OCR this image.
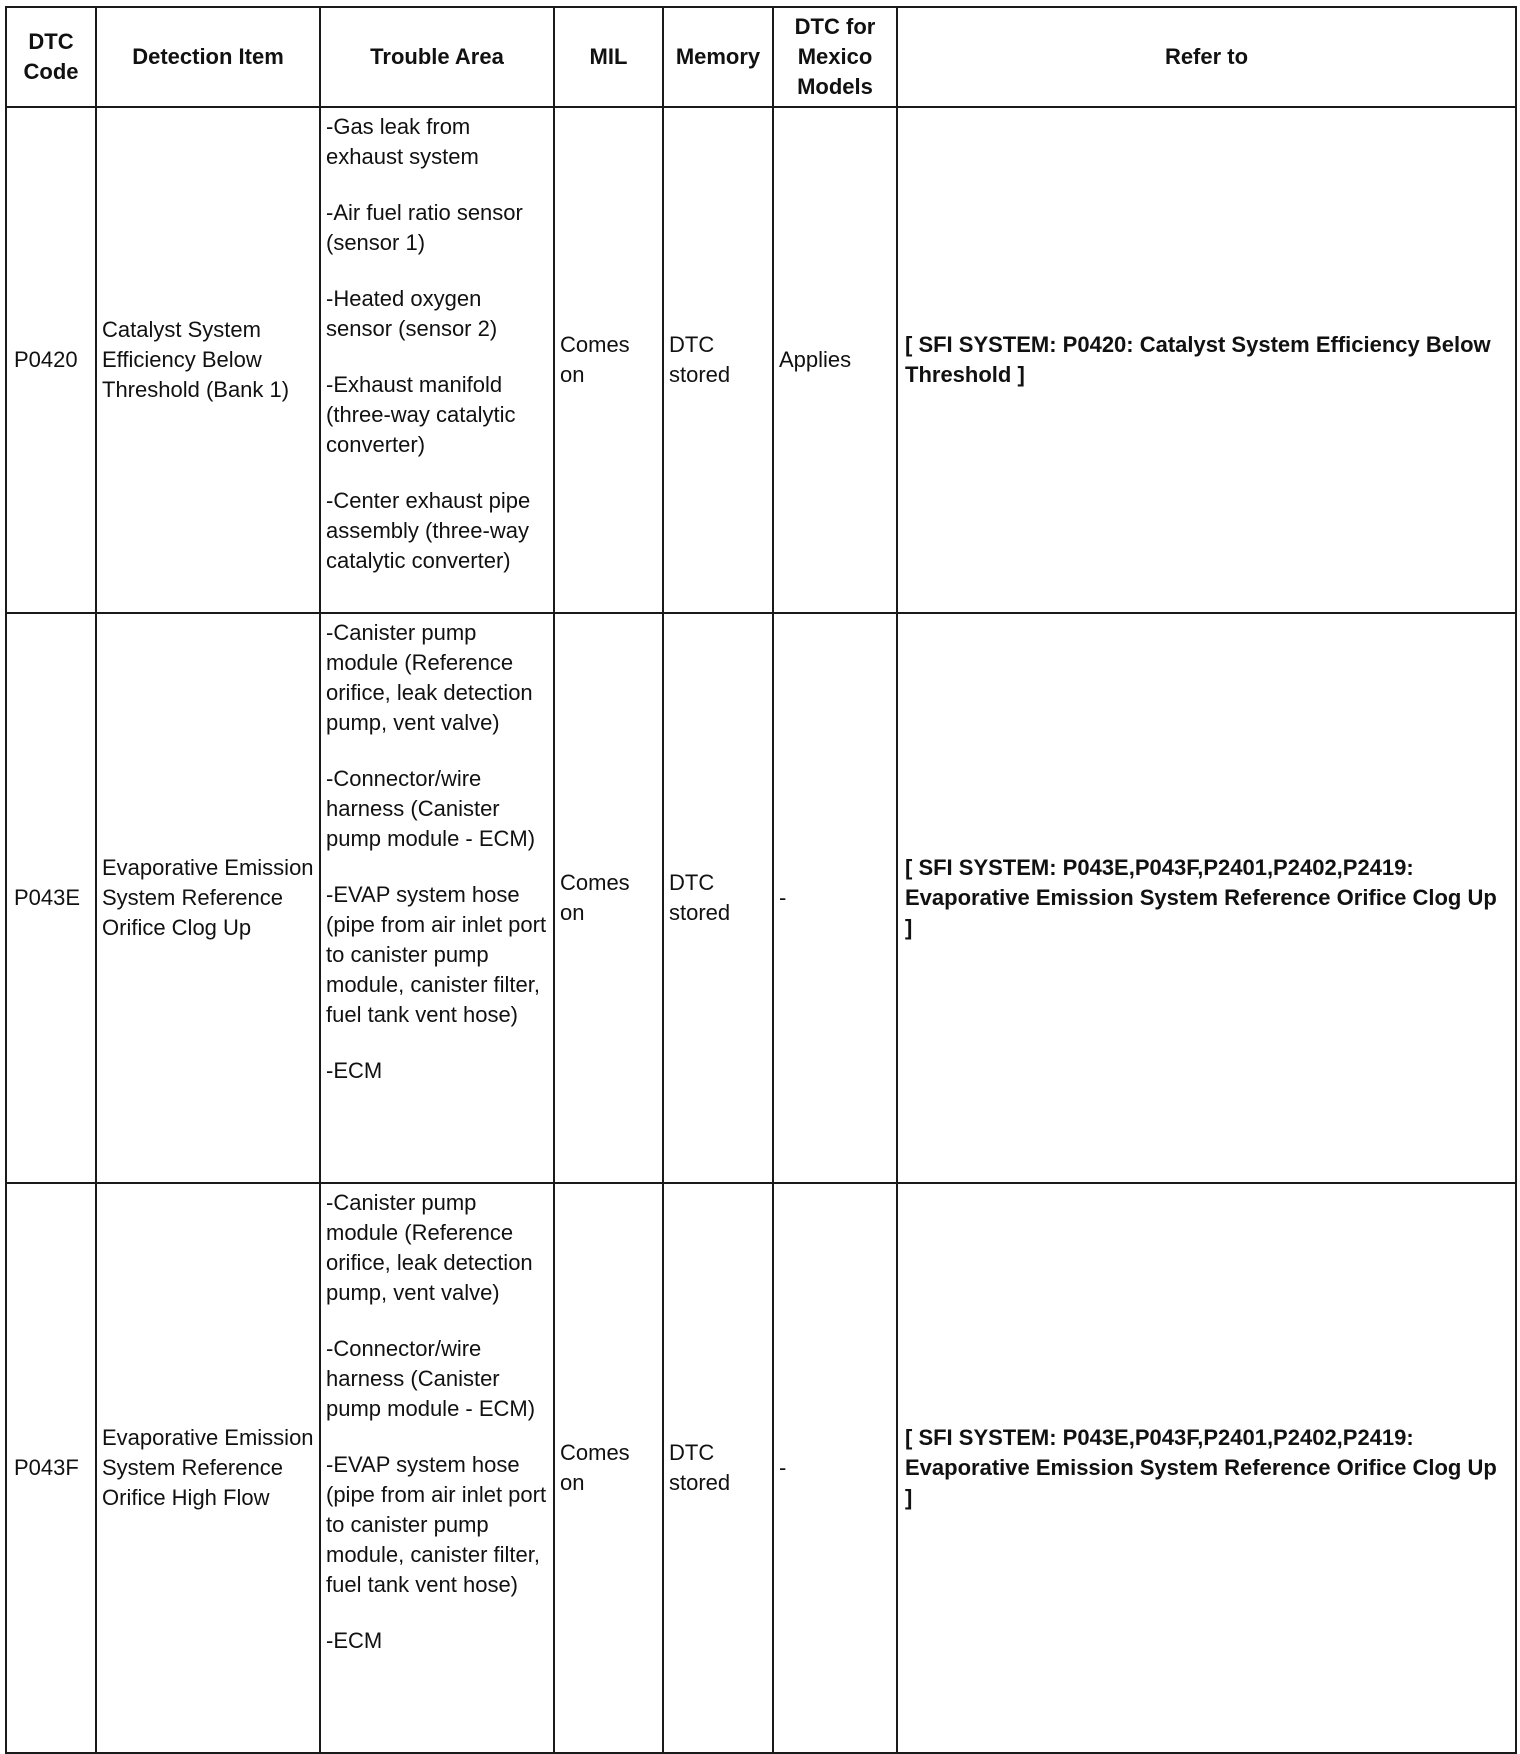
DTC Code	Detection Item	Trouble Area	MIL	Memory	DTC for Mexico Models	Refer to
P0420	Catalyst System Efficiency Below Threshold (Bank 1)	-Gas leak from exhaust system
-Air fuel ratio sensor (sensor 1)
-Heated oxygen sensor (sensor 2)
-Exhaust manifold (three-way catalytic converter)
-Center exhaust pipe assembly (three-way catalytic converter)	Comes on	DTC stored	Applies	[ SFI SYSTEM: P0420: Catalyst System Efficiency Below Threshold ]
P043E	Evaporative Emission System Reference Orifice Clog Up	-Canister pump module (Reference orifice, leak detection pump, vent valve)
-Connector/wire harness (Canister pump module - ECM)
-EVAP system hose (pipe from air inlet port to canister pump module, canister filter, fuel tank vent hose)
-ECM	Comes on	DTC stored	-	[ SFI SYSTEM: P043E,P043F,P2401,P2402,P2419: Evaporative Emission System Reference Orifice Clog Up ]
P043F	Evaporative Emission System Reference Orifice High Flow	-Canister pump module (Reference orifice, leak detection pump, vent valve)
-Connector/wire harness (Canister pump module - ECM)
-EVAP system hose (pipe from air inlet port to canister pump module, canister filter, fuel tank vent hose)
-ECM	Comes on	DTC stored	-	[ SFI SYSTEM: P043E,P043F,P2401,P2402,P2419: Evaporative Emission System Reference Orifice Clog Up ]
